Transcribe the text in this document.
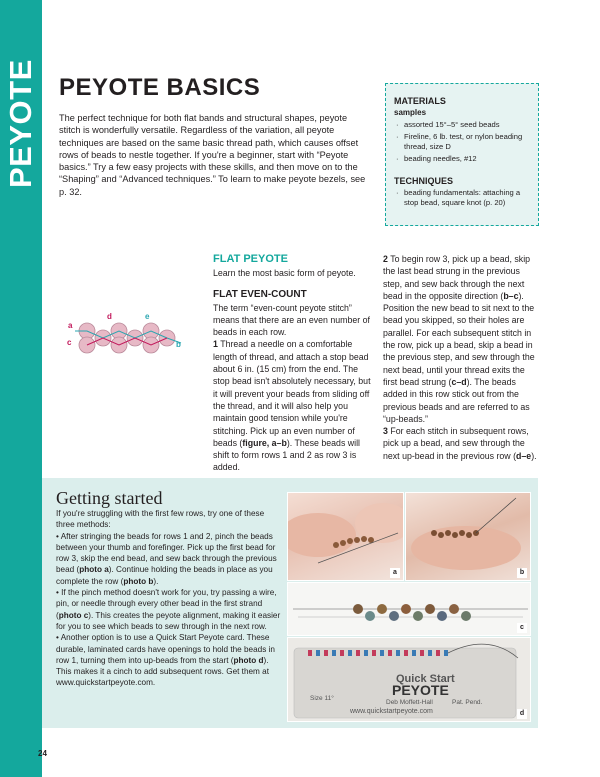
PEYOTE STITCH
PEYOTE BASICS
The perfect technique for both flat bands and structural shapes, peyote stitch is wonderfully versatile. Regardless of the variation, all peyote techniques are based on the same basic thread path, which causes offset rows of beads to nestle together. If you're a beginner, start with “Peyote basics.” Try a few easy projects with these skills, and then move on to the “Shaping” and “Advanced techniques.” To learn to make peyote bezels, see p. 32.
MATERIALS
samples
· assorted 15°–5° seed beads
· Fireline, 6 lb. test, or nylon beading thread, size D
· beading needles, #12
TECHNIQUES
· beading fundamentals: attaching a stop bead, square knot (p. 20)
a
b
c
d	e
FLAT PEYOTE
Learn the most basic form of peyote.
FLAT EVEN-COUNT
The term “even-count peyote stitch” means that there are an even number of beads in each row.
1 Thread a needle on a comfortable length of thread, and attach a stop bead about 6 in. (15 cm) from the end. The stop bead isn't absolutely necessary, but it will prevent your beads from sliding off the thread, and it will also help you maintain good tension while you're stitching. Pick up an even number of beads (figure, a–b). These beads will shift to form rows 1 and 2 as row 3 is added.
2 To begin row 3, pick up a bead, skip the last bead strung in the previous step, and sew back through the next bead in the opposite direction (b–c). Position the new bead to sit next to the bead you skipped, so their holes are parallel. For each subsequent stitch in the row, pick up a bead, skip a bead in the previous step, and sew through the next bead, until your thread exits the first bead strung (c–d). The beads added in this row stick out from the previous beads and are referred to as “up-beads.”
3 For each stitch in subsequent rows, pick up a bead, and sew through the next up-bead in the previous row (d–e).
Getting started

If you're struggling with the first few rows, try one of these three methods:

• After stringing the beads for rows 1 and 2, pinch the beads between your thumb and forefinger. Pick up the first bead for row 3, skip the end bead, and sew back through the previous bead (photo a). Continue holding the beads in place as you complete the row (photo b).

• If the pinch method doesn't work for you, try passing a wire, pin, or needle through every other bead in the first strand (photo c). This creates the peyote alignment, making it easier for you to see which beads to sew through in the next row.

• Another option is to use a Quick Start Peyote card. These durable, laminated cards have openings to hold the beads in row 1, turning them into up-beads from the start (photo d). This makes it a cinch to add subsequent rows. Get them at www.quickstartpeyote.com.

a	b
c
Quick Start
PEYOTE
Size 11°
Deb Moffett-Hall	Pat. Pend.
www.quickstartpeyote.com	d
24
